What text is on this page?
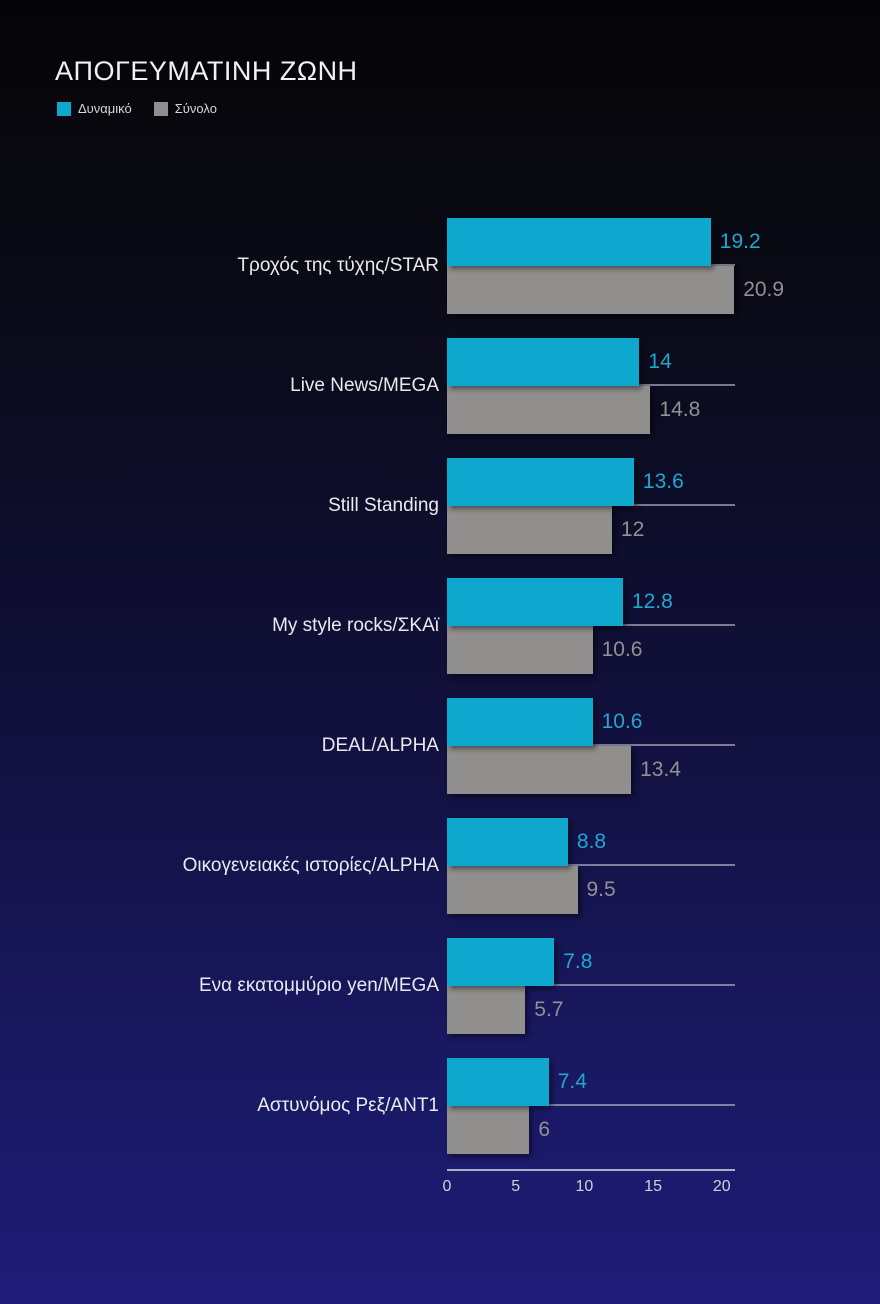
ΑΠΟΓΕΥΜΑΤΙΝΗ ΖΩΝΗ
Δυναμικό	Σύνολο
Τροχός της τύχης/STAR
19.2
20.9
Live News/MEGA
14
14.8
Still Standing
13.6
12
My style rocks/ΣΚΑϊ
12.8
10.6
DEAL/ALPHA
10.6
13.4
Οικογενειακές ιστορίες/ALPHA
8.8
9.5
Ενα εκατομμύριο yen/MEGA
7.8
5.7
Αστυνόμος Ρεξ/ANT1
7.4
6
0	5	10	15	20
